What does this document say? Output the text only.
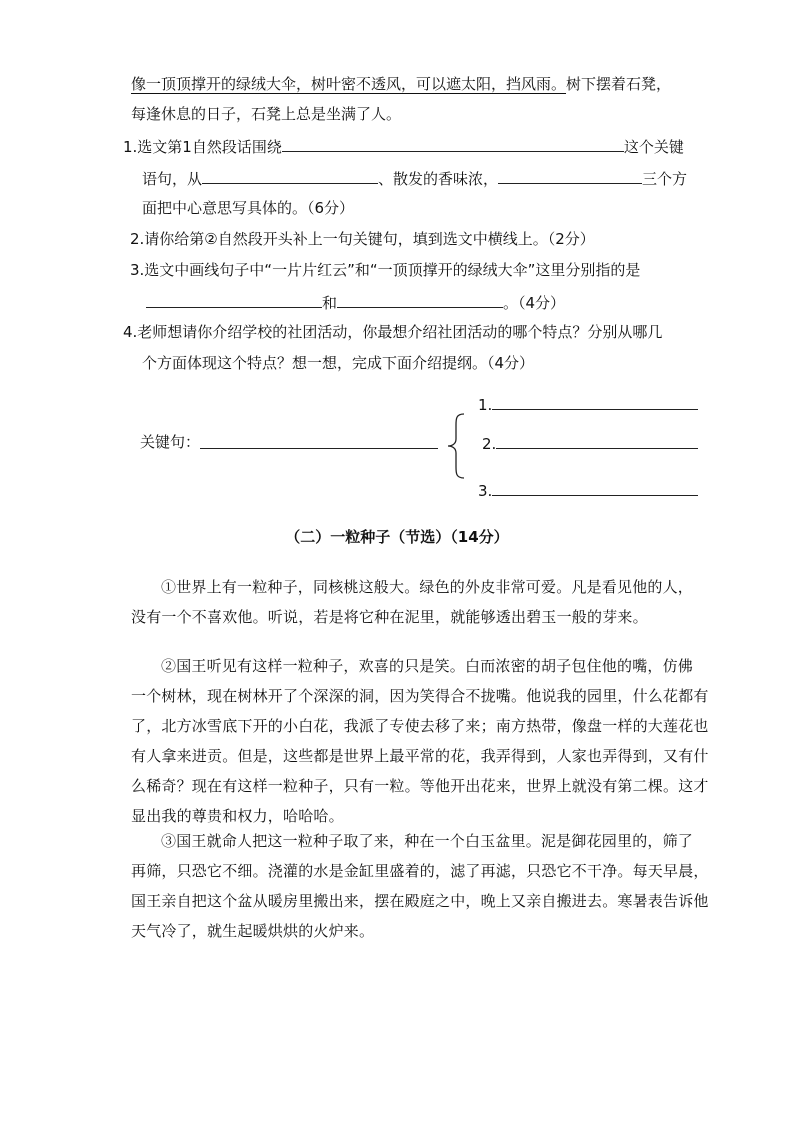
像一顶顶撑开的绿绒大伞，树叶密不透风，可以遮太阳，挡风雨。树下摆着石凳，
每逢休息的日子，石凳上总是坐满了人。
1.选文第1自然段话围绕	这个关键
语句，从	、散发的香味浓，	三个方
面把中心意思写具体的。（6分）
2.请你给第②自然段开头补上一句关键句，填到选文中横线上。（2分）
3.选文中画线句子中“一片片红云”和“一顶顶撑开的绿绒大伞”这里分别指的是
和	。（4分）
4.老师想请你介绍学校的社团活动，你最想介绍社团活动的哪个特点？分别从哪几
个方面体现这个特点？想一想，完成下面介绍提纲。（4分）
关键句：
1.
2.
3.
（二）一粒种子（节选）（14分）
①世界上有一粒种子，同核桃这般大。绿色的外皮非常可爱。凡是看见他的人，
没有一个不喜欢他。听说，若是将它种在泥里，就能够透出碧玉一般的芽来。
②国王听见有这样一粒种子，欢喜的只是笑。白而浓密的胡子包住他的嘴，仿佛
一个树林，现在树林开了个深深的洞，因为笑得合不拢嘴。他说我的园里，什么花都有
了，北方冰雪底下开的小白花，我派了专使去移了来；南方热带，像盘一样的大莲花也
有人拿来进贡。但是，这些都是世界上最平常的花，我弄得到，人家也弄得到，又有什
么稀奇？现在有这样一粒种子，只有一粒。等他开出花来，世界上就没有第二棵。这才
显出我的尊贵和权力，哈哈哈。
③国王就命人把这一粒种子取了来，种在一个白玉盆里。泥是御花园里的，筛了
再筛，只恐它不细。浇灌的水是金缸里盛着的，滤了再滤，只恐它不干净。每天早晨，
国王亲自把这个盆从暖房里搬出来，摆在殿庭之中，晚上又亲自搬进去。寒暑表告诉他
天气冷了，就生起暖烘烘的火炉来。
